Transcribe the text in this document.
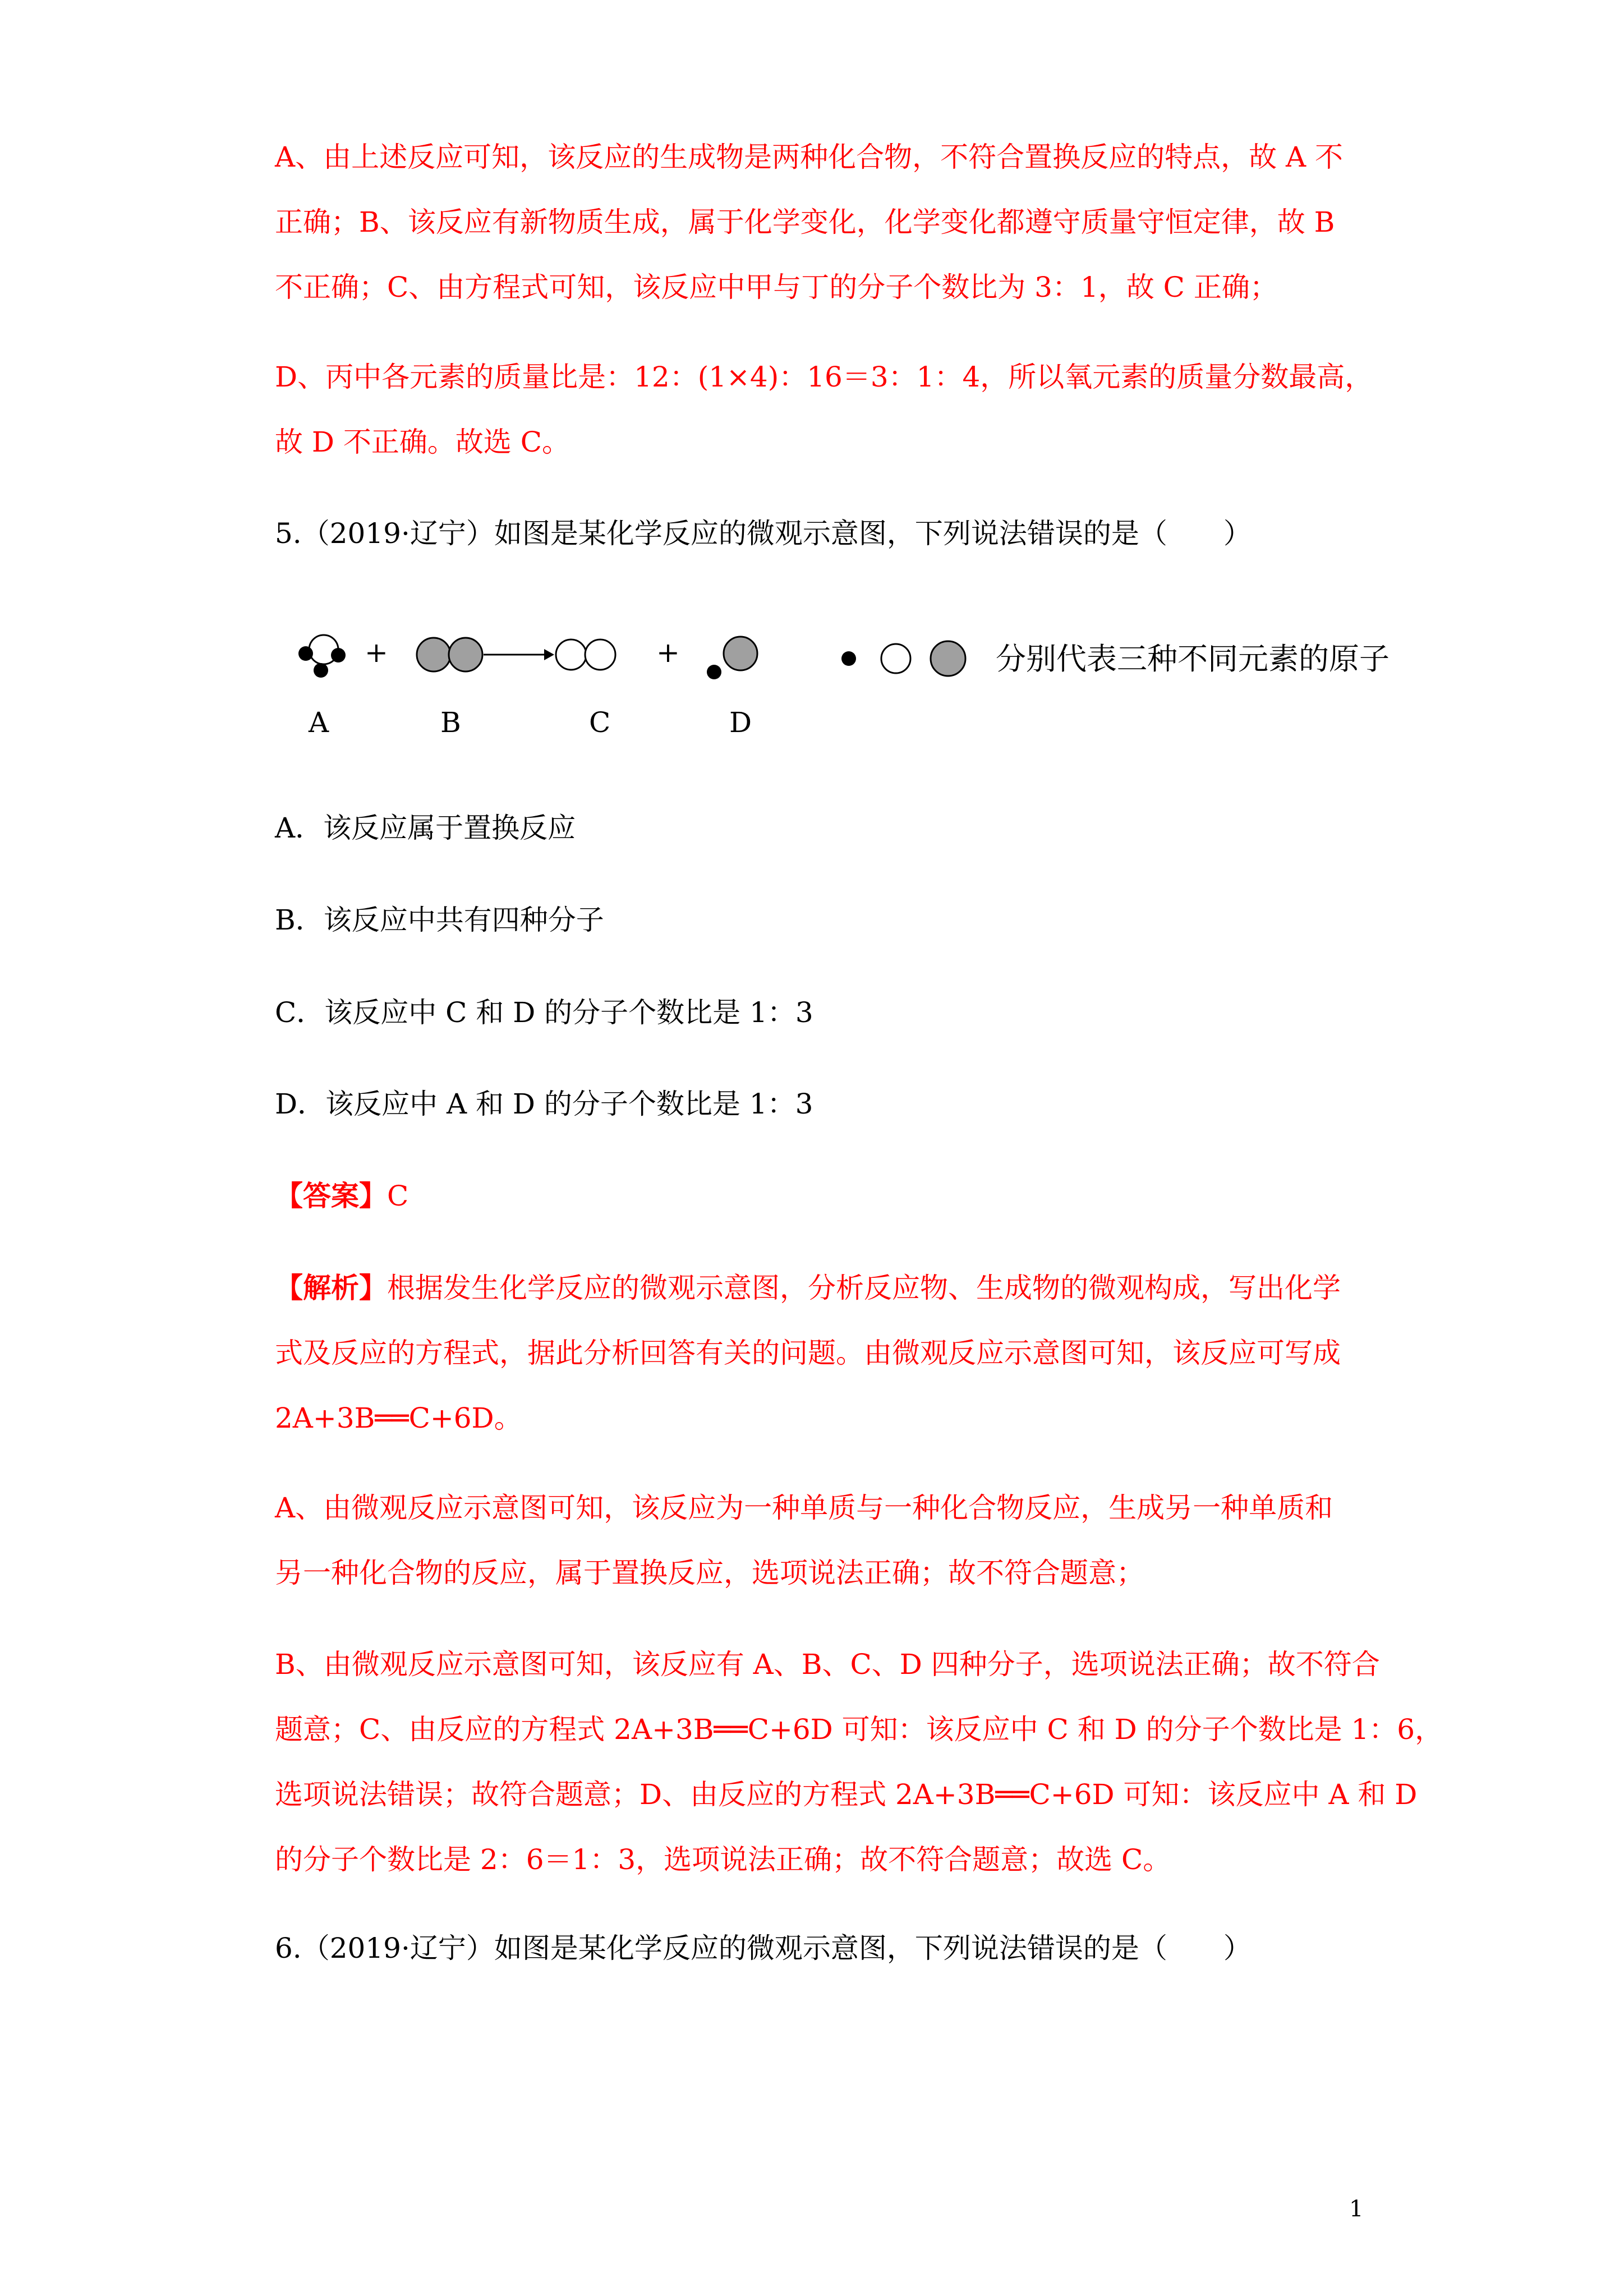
A、由上述反应可知，该反应的生成物是两种化合物，不符合置换反应的特点，故 A 不
正确；B、该反应有新物质生成，属于化学变化，化学变化都遵守质量守恒定律，故 B
不正确；C、由方程式可知，该反应中甲与丁的分子个数比为 3：1，故 C 正确；
D、丙中各元素的质量比是：12：(1×4)：16＝3：1：4，所以氧元素的质量分数最高，
故 D 不正确。故选 C。
5.（2019·辽宁）如图是某化学反应的微观示意图，下列说法错误的是（　　）
+	+	分别代表三种不同元素的原子
A	B	C	D
A．该反应属于置换反应
B．该反应中共有四种分子
C．该反应中 C 和 D 的分子个数比是 1：3
D．该反应中 A 和 D 的分子个数比是 1：3
【答案】C
【解析】根据发生化学反应的微观示意图，分析反应物、生成物的微观构成，写出化学
式及反应的方程式，据此分析回答有关的问题。由微观反应示意图可知，该反应可写成
2A+3B══C+6D。
A、由微观反应示意图可知，该反应为一种单质与一种化合物反应，生成另一种单质和
另一种化合物的反应，属于置换反应，选项说法正确；故不符合题意；
B、由微观反应示意图可知，该反应有 A、B、C、D 四种分子，选项说法正确；故不符合
题意；C、由反应的方程式 2A+3B══C+6D 可知：该反应中 C 和 D 的分子个数比是 1：6，
选项说法错误；故符合题意；D、由反应的方程式 2A+3B══C+6D 可知：该反应中 A 和 D
的分子个数比是 2：6＝1：3，选项说法正确；故不符合题意；故选 C。
6.（2019·辽宁）如图是某化学反应的微观示意图，下列说法错误的是（　　）
1
